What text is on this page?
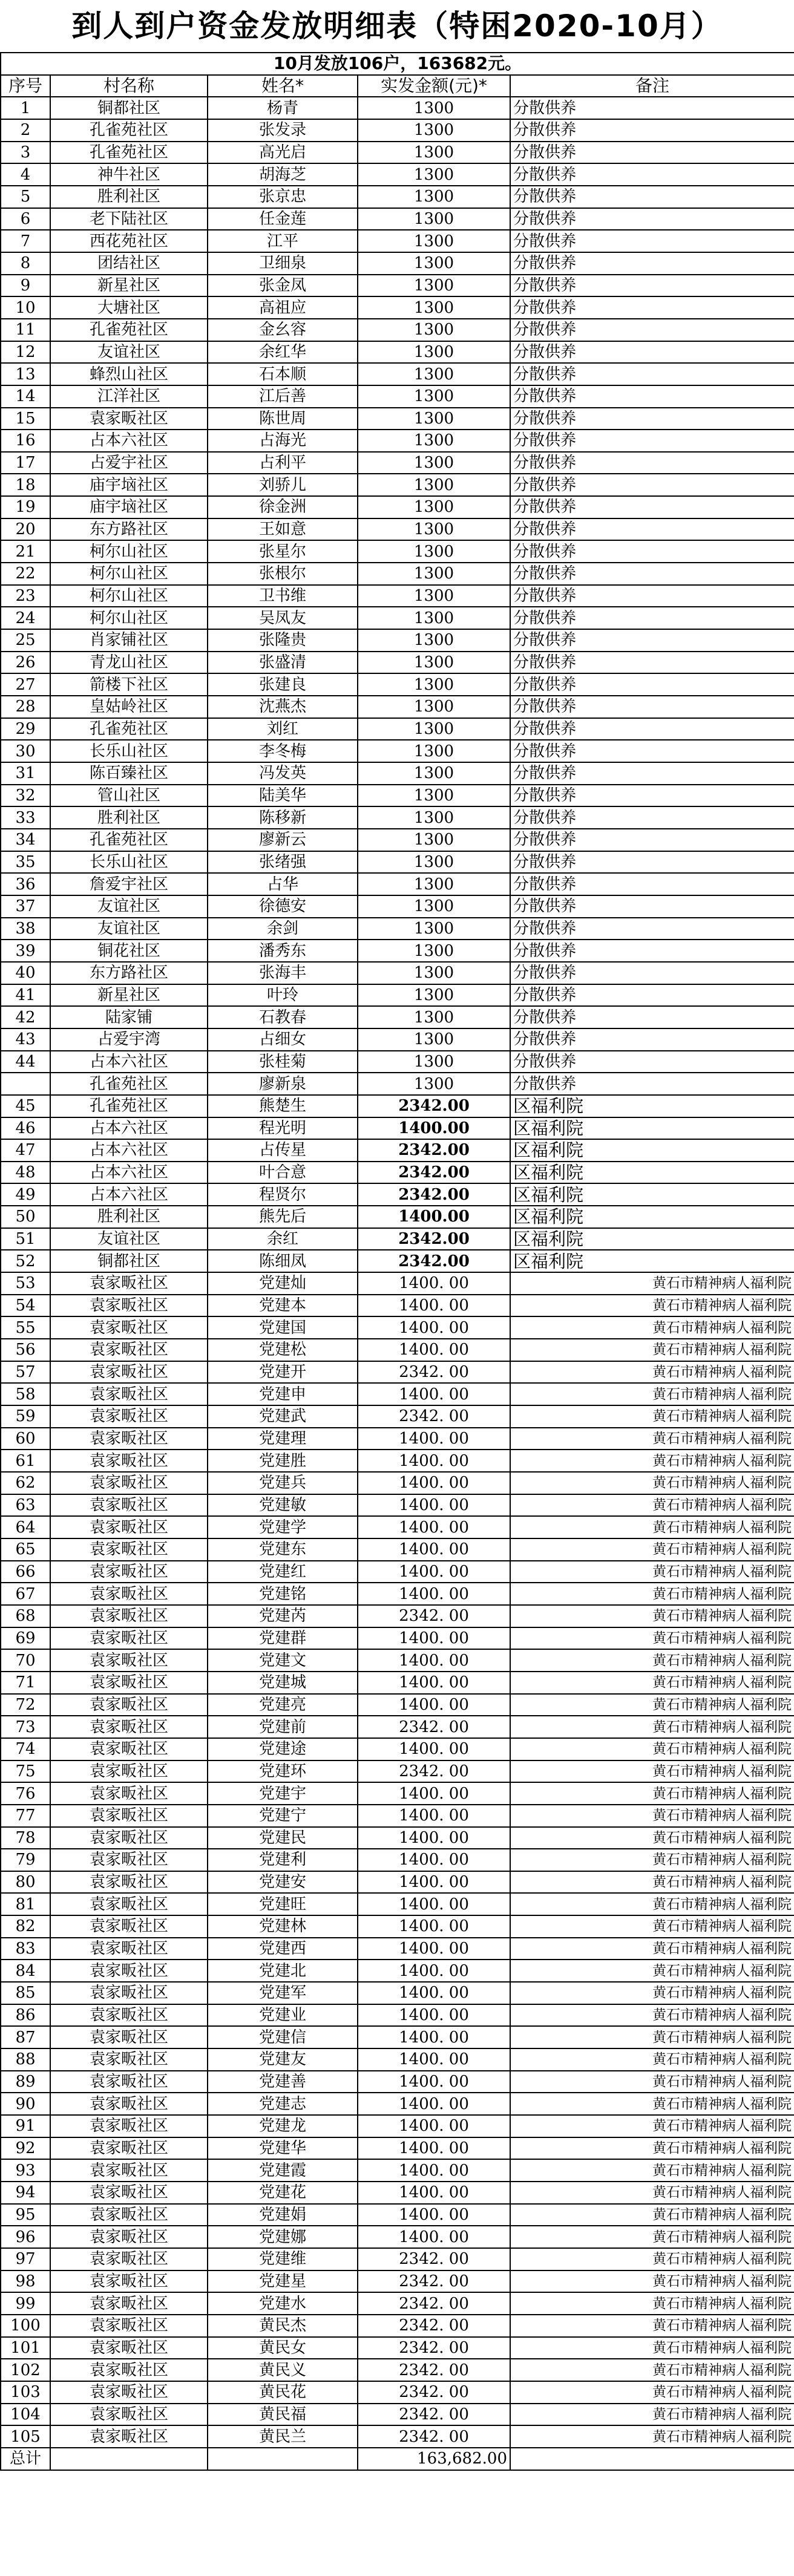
到人到户资金发放明细表（特困2020-10月）
10月发放106户，163682元。				
序号	村名称	姓名*	实发金额(元)*	备注
1	铜都社区	杨青	1300	分散供养
2	孔雀苑社区	张发录	1300	分散供养
3	孔雀苑社区	高光启	1300	分散供养
4	神牛社区	胡海芝	1300	分散供养
5	胜利社区	张京忠	1300	分散供养
6	老下陆社区	任金莲	1300	分散供养
7	西花苑社区	江平	1300	分散供养
8	团结社区	卫细泉	1300	分散供养
9	新星社区	张金凤	1300	分散供养
10	大塘社区	高祖应	1300	分散供养
11	孔雀苑社区	金幺容	1300	分散供养
12	友谊社区	余红华	1300	分散供养
13	蜂烈山社区	石本顺	1300	分散供养
14	江洋社区	江后善	1300	分散供养
15	袁家畈社区	陈世周	1300	分散供养
16	占本六社区	占海光	1300	分散供养
17	占爱宇社区	占利平	1300	分散供养
18	庙宇垴社区	刘骄儿	1300	分散供养
19	庙宇垴社区	徐金洲	1300	分散供养
20	东方路社区	王如意	1300	分散供养
21	柯尔山社区	张星尔	1300	分散供养
22	柯尔山社区	张根尔	1300	分散供养
23	柯尔山社区	卫书维	1300	分散供养
24	柯尔山社区	吴凤友	1300	分散供养
25	肖家铺社区	张隆贵	1300	分散供养
26	青龙山社区	张盛清	1300	分散供养
27	箭楼下社区	张建良	1300	分散供养
28	皇姑岭社区	沈燕杰	1300	分散供养
29	孔雀苑社区	刘红	1300	分散供养
30	长乐山社区	李冬梅	1300	分散供养
31	陈百臻社区	冯发英	1300	分散供养
32	管山社区	陆美华	1300	分散供养
33	胜利社区	陈移新	1300	分散供养
34	孔雀苑社区	廖新云	1300	分散供养
35	长乐山社区	张绪强	1300	分散供养
36	詹爱宇社区	占华	1300	分散供养
37	友谊社区	徐德安	1300	分散供养
38	友谊社区	余剑	1300	分散供养
39	铜花社区	潘秀东	1300	分散供养
40	东方路社区	张海丰	1300	分散供养
41	新星社区	叶玲	1300	分散供养
42	陆家铺	石教春	1300	分散供养
43	占爱宇湾	占细女	1300	分散供养
44	占本六社区	张桂菊	1300	分散供养
	孔雀苑社区	廖新泉	1300	分散供养
45	孔雀苑社区	熊楚生	2342.00	区福利院
46	占本六社区	程光明	1400.00	区福利院
47	占本六社区	占传星	2342.00	区福利院
48	占本六社区	叶合意	2342.00	区福利院
49	占本六社区	程贤尔	2342.00	区福利院
50	胜利社区	熊先后	1400.00	区福利院
51	友谊社区	余红	2342.00	区福利院
52	铜都社区	陈细凤	2342.00	区福利院
53	袁家畈社区	党建灿	1400. 00	黄石市精神病人福利院
54	袁家畈社区	党建本	1400. 00	黄石市精神病人福利院
55	袁家畈社区	党建国	1400. 00	黄石市精神病人福利院
56	袁家畈社区	党建松	1400. 00	黄石市精神病人福利院
57	袁家畈社区	党建开	2342. 00	黄石市精神病人福利院
58	袁家畈社区	党建申	1400. 00	黄石市精神病人福利院
59	袁家畈社区	党建武	2342. 00	黄石市精神病人福利院
60	袁家畈社区	党建理	1400. 00	黄石市精神病人福利院
61	袁家畈社区	党建胜	1400. 00	黄石市精神病人福利院
62	袁家畈社区	党建兵	1400. 00	黄石市精神病人福利院
63	袁家畈社区	党建敏	1400. 00	黄石市精神病人福利院
64	袁家畈社区	党建学	1400. 00	黄石市精神病人福利院
65	袁家畈社区	党建东	1400. 00	黄石市精神病人福利院
66	袁家畈社区	党建红	1400. 00	黄石市精神病人福利院
67	袁家畈社区	党建铭	1400. 00	黄石市精神病人福利院
68	袁家畈社区	党建芮	2342. 00	黄石市精神病人福利院
69	袁家畈社区	党建群	1400. 00	黄石市精神病人福利院
70	袁家畈社区	党建文	1400. 00	黄石市精神病人福利院
71	袁家畈社区	党建城	1400. 00	黄石市精神病人福利院
72	袁家畈社区	党建亮	1400. 00	黄石市精神病人福利院
73	袁家畈社区	党建前	2342. 00	黄石市精神病人福利院
74	袁家畈社区	党建途	1400. 00	黄石市精神病人福利院
75	袁家畈社区	党建环	2342. 00	黄石市精神病人福利院
76	袁家畈社区	党建宇	1400. 00	黄石市精神病人福利院
77	袁家畈社区	党建宁	1400. 00	黄石市精神病人福利院
78	袁家畈社区	党建民	1400. 00	黄石市精神病人福利院
79	袁家畈社区	党建利	1400. 00	黄石市精神病人福利院
80	袁家畈社区	党建安	1400. 00	黄石市精神病人福利院
81	袁家畈社区	党建旺	1400. 00	黄石市精神病人福利院
82	袁家畈社区	党建林	1400. 00	黄石市精神病人福利院
83	袁家畈社区	党建西	1400. 00	黄石市精神病人福利院
84	袁家畈社区	党建北	1400. 00	黄石市精神病人福利院
85	袁家畈社区	党建军	1400. 00	黄石市精神病人福利院
86	袁家畈社区	党建业	1400. 00	黄石市精神病人福利院
87	袁家畈社区	党建信	1400. 00	黄石市精神病人福利院
88	袁家畈社区	党建友	1400. 00	黄石市精神病人福利院
89	袁家畈社区	党建善	1400. 00	黄石市精神病人福利院
90	袁家畈社区	党建志	1400. 00	黄石市精神病人福利院
91	袁家畈社区	党建龙	1400. 00	黄石市精神病人福利院
92	袁家畈社区	党建华	1400. 00	黄石市精神病人福利院
93	袁家畈社区	党建霞	1400. 00	黄石市精神病人福利院
94	袁家畈社区	党建花	1400. 00	黄石市精神病人福利院
95	袁家畈社区	党建娟	1400. 00	黄石市精神病人福利院
96	袁家畈社区	党建娜	1400. 00	黄石市精神病人福利院
97	袁家畈社区	党建维	2342. 00	黄石市精神病人福利院
98	袁家畈社区	党建星	2342. 00	黄石市精神病人福利院
99	袁家畈社区	党建水	2342. 00	黄石市精神病人福利院
100	袁家畈社区	黄民杰	2342. 00	黄石市精神病人福利院
101	袁家畈社区	黄民女	2342. 00	黄石市精神病人福利院
102	袁家畈社区	黄民义	2342. 00	黄石市精神病人福利院
103	袁家畈社区	黄民花	2342. 00	黄石市精神病人福利院
104	袁家畈社区	黄民福	2342. 00	黄石市精神病人福利院
105	袁家畈社区	黄民兰	2342. 00	黄石市精神病人福利院
总计			163,682.00	
